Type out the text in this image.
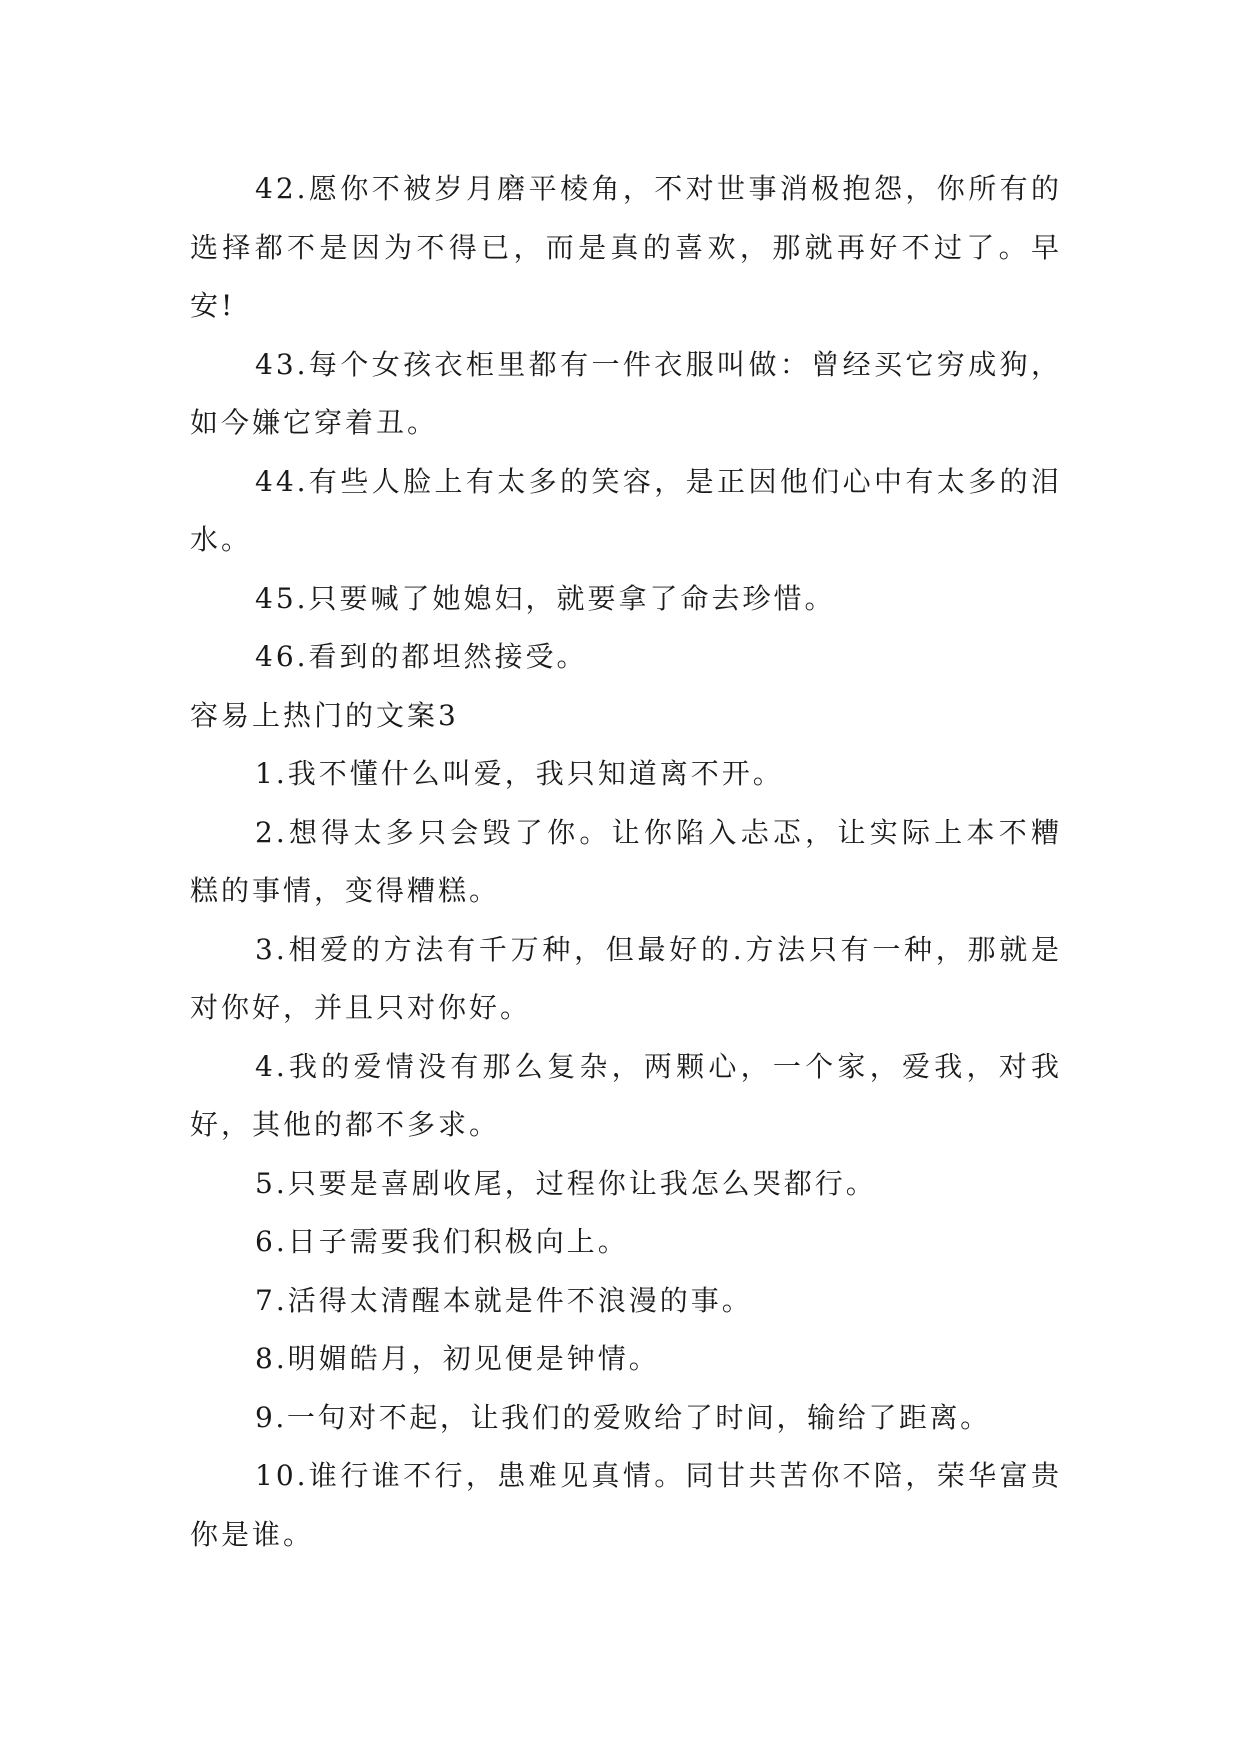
42.愿你不被岁月磨平棱角，不对世事消极抱怨，你所有的选择都不是因为不得已，而是真的喜欢，那就再好不过了。早安!

43.每个女孩衣柜里都有一件衣服叫做：曾经买它穷成狗，如今嫌它穿着丑。

44.有些人脸上有太多的笑容，是正因他们心中有太多的泪水。

45.只要喊了她媳妇，就要拿了命去珍惜。

46.看到的都坦然接受。

容易上热门的文案3

1.我不懂什么叫爱，我只知道离不开。

2.想得太多只会毁了你。让你陷入忐忑，让实际上本不糟糕的事情，变得糟糕。

3.相爱的方法有千万种，但最好的.方法只有一种，那就是对你好，并且只对你好。

4.我的爱情没有那么复杂，两颗心，一个家，爱我，对我好，其他的都不多求。

5.只要是喜剧收尾，过程你让我怎么哭都行。

6.日子需要我们积极向上。

7.活得太清醒本就是件不浪漫的事。

8.明媚皓月，初见便是钟情。

9.一句对不起，让我们的爱败给了时间，输给了距离。

10.谁行谁不行，患难见真情。同甘共苦你不陪，荣华富贵你是谁。
